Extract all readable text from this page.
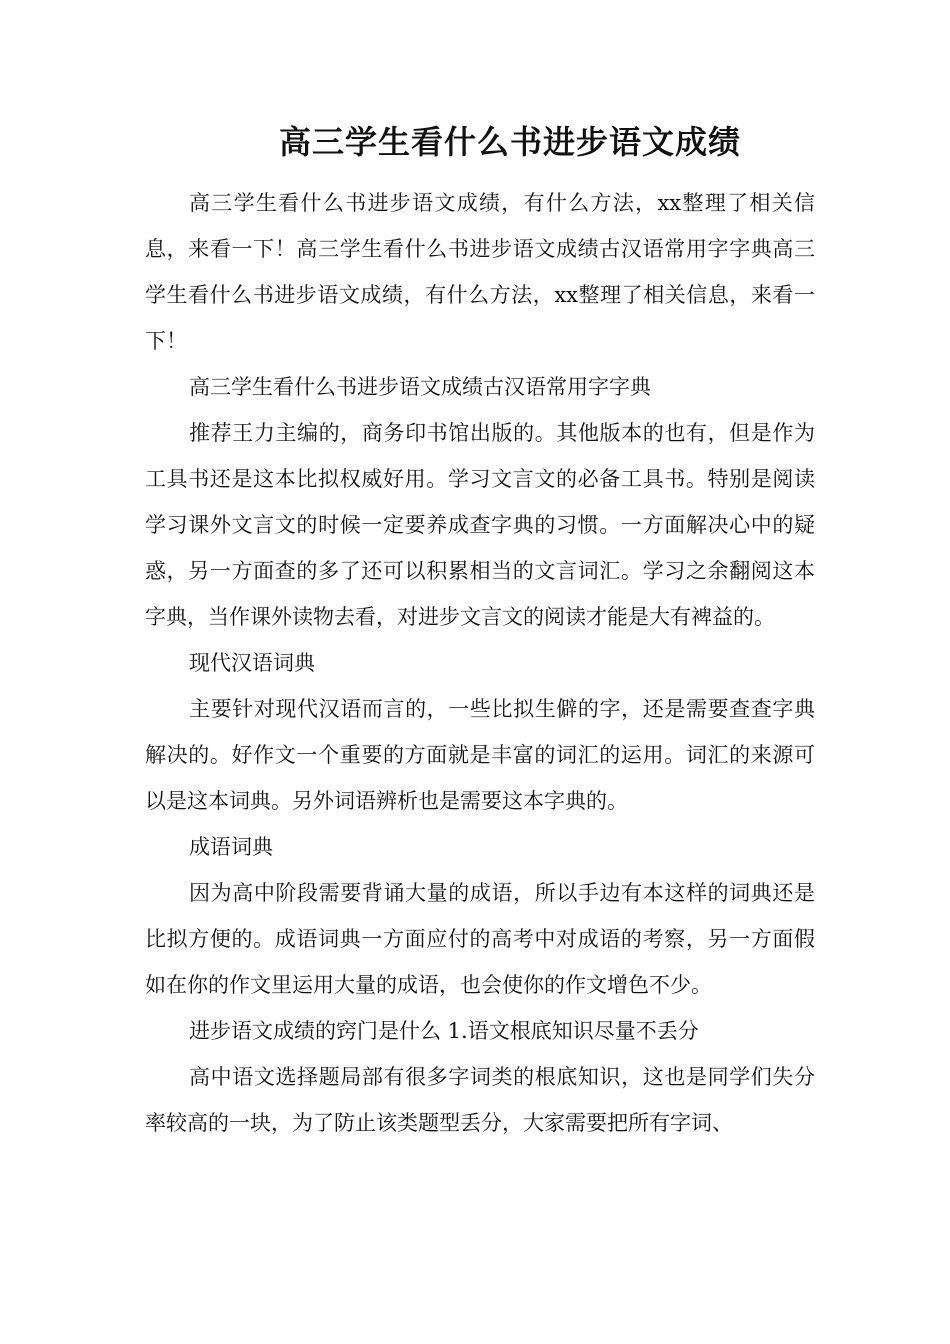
高三学生看什么书进步语文成绩

高三学生看什么书进步语文成绩，有什么方法，xx整理了相关信息，来看一下！高三学生看什么书进步语文成绩古汉语常用字字典高三学生看什么书进步语文成绩，有什么方法，xx整理了相关信息，来看一下！

高三学生看什么书进步语文成绩古汉语常用字字典

推荐王力主编的，商务印书馆出版的。其他版本的也有，但是作为工具书还是这本比拟权威好用。学习文言文的必备工具书。特别是阅读学习课外文言文的时候一定要养成查字典的习惯。一方面解决心中的疑惑，另一方面查的多了还可以积累相当的文言词汇。学习之余翻阅这本字典，当作课外读物去看，对进步文言文的阅读才能是大有裨益的。

现代汉语词典

主要针对现代汉语而言的，一些比拟生僻的字，还是需要查查字典解决的。好作文一个重要的方面就是丰富的词汇的运用。词汇的来源可以是这本词典。另外词语辨析也是需要这本字典的。

成语词典

因为高中阶段需要背诵大量的成语，所以手边有本这样的词典还是比拟方便的。成语词典一方面应付的高考中对成语的考察，另一方面假如在你的作文里运用大量的成语，也会使你的作文增色不少。

进步语文成绩的窍门是什么 1.语文根底知识尽量不丢分

高中语文选择题局部有很多字词类的根底知识，这也是同学们失分率较高的一块，为了防止该类题型丢分，大家需要把所有字词、
